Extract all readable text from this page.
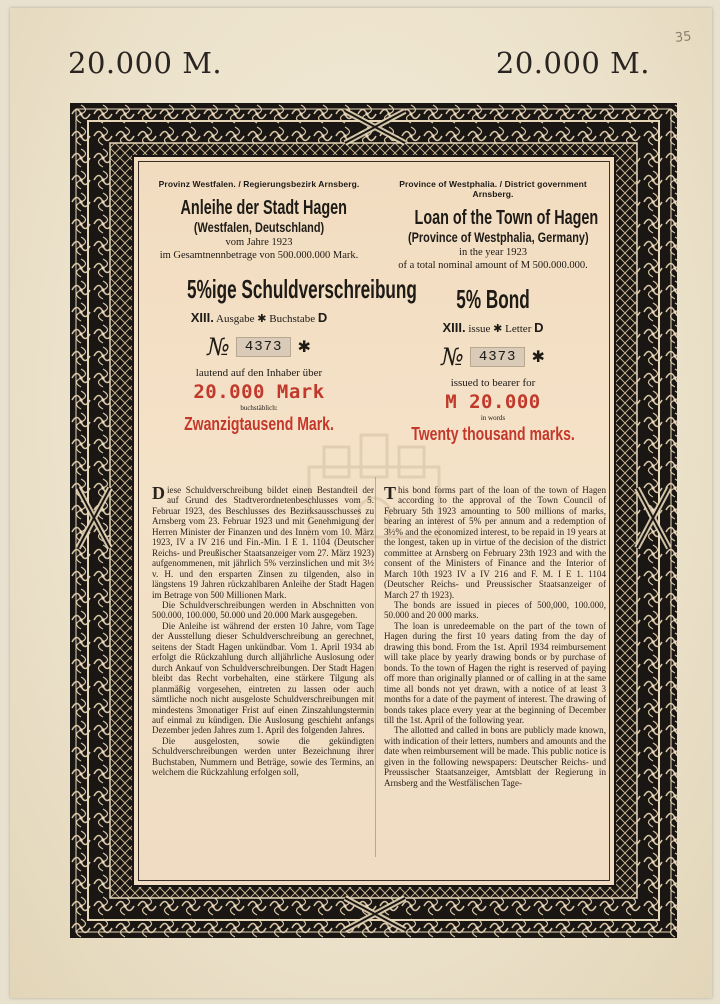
35
20.000 M.	20.000 M.
Provinz Westfalen. / Regierungsbezirk Arnsberg.
Anleihe der Stadt Hagen
(Westfalen, Deutschland)
vom Jahre 1923
im Gesamtnennbetrage von 500.000.000 Mark.
5%ige Schuldverschreibung
XIII. Ausgabe ✱ Buchstabe D
№	4373 ✱
lautend auf den Inhaber über
20.000 Mark
buchstäblich:
Zwanzigtausend Mark.
Province of Westphalia. / District government Arnsberg.
Loan of the Town of Hagen
(Province of Westphalia, Germany)
in the year 1923
of a total nominal amount of M 500.000.000.
5% Bond
XIII. issue ✱ Letter D
№	4373 ✱
issued to bearer for
M 20.000
in words
Twenty thousand marks.

Diese Schuldverschreibung bildet einen Bestandteil der auf Grund des Stadtverordnetenbeschlusses vom 5. Februar 1923, des Beschlusses des Bezirksausschusses zu Arnsberg vom 23. Februar 1923 und mit Genehmigung der Herren Minister der Finanzen und des Innern vom 10. März 1923, IV a IV 216 und Fin.-Min. I E 1. 1104 (Deutscher Reichs- und Preußischer Staatsanzeiger vom 27. März 1923) aufgenommenen, mit jährlich 5% verzinslichen und mit 3½ v. H. und den ersparten Zinsen zu tilgenden, also in längstens 19 Jahren rückzahlbaren Anleihe der Stadt Hagen im Betrage von 500 Millionen Mark.

Die Schuldverschreibungen werden in Abschnitten von 500.000, 100.000, 50.000 und 20.000 Mark ausgegeben.

Die Anleihe ist während der ersten 10 Jahre, vom Tage der Ausstellung dieser Schuldverschreibung an gerechnet, seitens der Stadt Hagen unkündbar. Vom 1. April 1934 ab erfolgt die Rückzahlung durch alljährliche Auslosung oder durch Ankauf von Schuldverschreibungen. Der Stadt Hagen bleibt das Recht vorbehalten, eine stärkere Tilgung als planmäßig vorgesehen, eintreten zu lassen oder auch sämtliche noch nicht ausgeloste Schuldverschreibungen mit mindestens 3monatiger Frist auf einen Zinszahlungstermin auf einmal zu kündigen. Die Auslosung geschieht anfangs Dezember jeden Jahres zum 1. April des folgenden Jahres.

Die ausgelosten, sowie die gekündigten Schuldverschreibungen werden unter Bezeichnung ihrer Buchstaben, Nummern und Beträge, sowie des Termins, an welchem die Rückzahlung erfolgen soll,

This bond forms part of the loan of the town of Hagen according to the approval of the Town Council of February 5th 1923 amounting to 500 millions of marks, bearing an interest of 5% per annum and a redemption of 3½% and the economized interest, to be repaid in 19 years at the longest, taken up in virtue of the decision of the district committee at Arnsberg on February 23th 1923 and with the consent of the Ministers of Finance and the Interior of March 10th 1923 IV a IV 216 and F. M. I E 1. 1104 (Deutscher Reichs- und Preussischer Staatsanzeiger of March 27 th 1923).

The bonds are issued in pieces of 500,000, 100.000, 50.000 and 20 000 marks.

The loan is unredeemable on the part of the town of Hagen during the first 10 years dating from the day of drawing this bond. From the 1st. April 1934 reimbursement will take place by yearly drawing bonds or by purchase of bonds. To the town of Hagen the right is reserved of paying off more than originally planned or of calling in at the same time all bonds not yet drawn, with a notice of at least 3 months for a date of the payment of interest. The drawing of bonds takes place every year at the beginning of December till the 1st. April of the following year.

The allotted and called in bons are publicly made known, with indication of their letters, numbers and amounts and the date when reimbursement will be made. This public notice is given in the following newspapers: Deutscher Reichs- und Preussischer Staatsanzeiger, Amtsblatt der Regierung in Arnsberg and the Westfälischen Tage-
